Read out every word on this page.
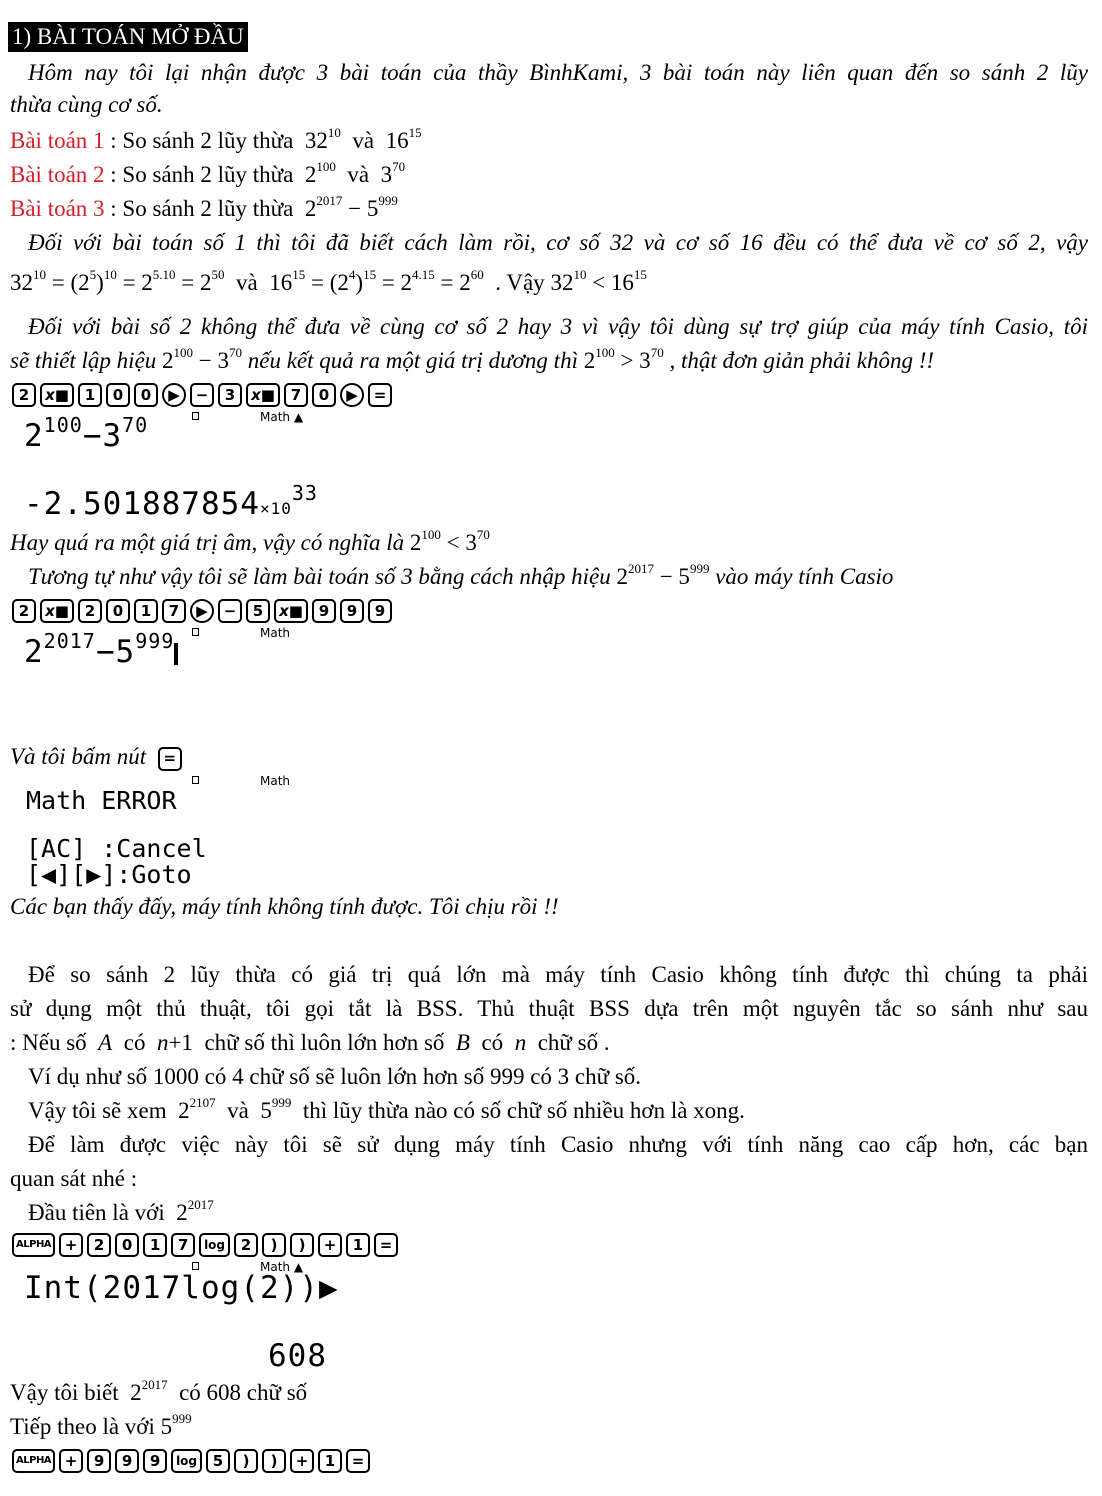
1) BÀI TOÁN MỞ ĐẦU
Hôm nay tôi lại nhận được 3 bài toán của thầy BìnhKami, 3 bài toán này liên quan đến so sánh 2 lũy
thừa cùng cơ số.
Bài toán 1 : So sánh 2 lũy thừa $32^{10}$ và $16^{15}$
Bài toán 2 : So sánh 2 lũy thừa $2^{100}$ và $3^{70}$
Bài toán 3 : So sánh 2 lũy thừa $2^{2017} - 5^{999}$
Đối với bài toán số 1 thì tôi đã biết cách làm rồi, cơ số 32 và cơ số 16 đều có thể đưa về cơ số 2, vậy
$32^{10} = (2^5)^{10} = 2^{5.10} = 2^{50}$ và  $16^{15} = (2^4)^{15} = 2^{4.15} = 2^{60}$ . Vậy $32^{10} < 16^{15}$
Đối với bài số 2 không thể đưa về cùng cơ số 2 hay 3 vì vậy tôi dùng sự trợ giúp của máy tính Casio, tôi
sẽ thiết lập hiệu $2^{100} - 3^{70}$ nếu kết quả ra một giá trị dương thì $2^{100} > 3^{70}$ , thật đơn giản phải không !!
2	x■	1	0	0	▶	−	3	x■	7	0	▶	=
Math ▲
$2^{100}-3^{70}$
$-2.501887854\times 10^{33}$
Hay quá ra một giá trị âm, vậy có nghĩa là $2^{100} < 3^{70}$
Tương tự như vậy tôi sẽ làm bài toán số 3 bằng cách nhập hiệu $2^{2017} - 5^{999}$ vào máy tính Casio
2	x■	2	0	1	7	▶	−	5	x■	9	9	9
Math
$2^{2017}-5^{999}$
Và tôi bấm nút =
Math
Math ERROR
[AC] :Cancel
[◀][▶]:Goto
Các bạn thấy đấy, máy tính không tính được. Tôi chịu rồi !!
Để so sánh 2 lũy thừa có giá trị quá lớn mà máy tính Casio không tính được thì chúng ta phải
sử dụng một thủ thuật, tôi gọi tắt là BSS. Thủ thuật BSS dựa trên một nguyên tắc so sánh như sau
: Nếu số A có n+1 chữ số thì luôn lớn hơn số B có n chữ số .
Ví dụ như số 1000 có 4 chữ số sẽ luôn lớn hơn số 999 có 3 chữ số.
Vậy tôi sẽ xem $2^{2107}$ và $5^{999}$ thì lũy thừa nào có số chữ số nhiều hơn là xong.
Để làm được việc này tôi sẽ sử dụng máy tính Casio nhưng với tính năng cao cấp hơn, các bạn
quan sát nhé :
Đầu tiên là với $2^{2017}$
ALPHA +	2	0	1	7	log	2	)	)	+	1	=
Math ▲
Int(2017log(2))▶
608
Vậy tôi biết $2^{2017}$ có 608 chữ số
Tiếp theo là với $5^{999}$
ALPHA +	9	9	9	log	5	)	)	+	1	=
